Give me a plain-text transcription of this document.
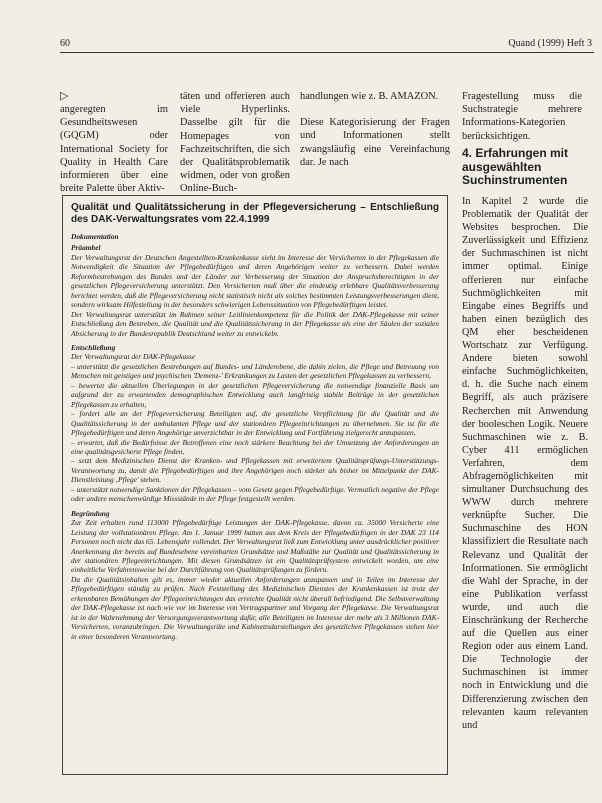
60	Quand (1999) Heft 3
▷

angeregten im Gesundheitswesen (GQGM) oder International Society for Quality in Health Care informieren über eine breite Palette über Aktiv-

täten und offerieren auch viele Hyperlinks. Dasselbe gilt für die Homepages von Fachzeitschriften, die sich der Qualitätsproblematik widmen, oder von großen Online-Buch-

handlungen wie z. B. AMAZON.

Diese Kategorisierung der Fragen und Informationen stellt zwangsläufig eine Vereinfachung dar. Je nach

Fragestellung muss die Suchstrategie mehrere Informations-Kategorien berücksichtigen.

4. Erfahrungen mit ausgewählten Suchinstrumenten

In Kapitel 2 wurde die Problematik der Qualität der Websites besprochen. Die Zuverlässigkeit und Effizienz der Suchmaschinen ist nicht immer optimal. Einige offerieren nur einfache Suchmöglichkeiten mit Eingabe eines Begriffs und haben einen bezüglich des QM eher bescheidenen Wortschatz zur Verfügung. Andere bieten sowohl einfache Suchmöglichkeiten, d. h. die Suche nach einem Begriff, als auch präzisere Recherchen mit Anwendung der booleschen Logik. Neuere Suchmaschinen wie z. B. Cyber 411 ermöglichen Verfahren, dem Abfragemöglichkeiten mit simultaner Durchsuchung des WWW durch mehrere verknüpfte Sucher. Die Suchmaschine des HON klassifiziert die Resultate nach Relevanz und Qualität der Informationen. Sie ermöglicht die Wahl der Sprache, in der eine Publikation verfasst wurde, und auch die Einschränkung der Recherche auf die Quellen aus einer Region oder aus einem Land. Die Technologie der Suchmaschinen ist immer noch in Entwicklung und die Differenzierung zwischen den relevanten kaum relevanten und

Qualität und Qualitätssicherung in der Pflegeversicherung – Entschließung des DAK-Verwaltungsrates vom 22.4.1999

Dokumentation

Präambel

Der Verwaltungsrat der Deutschen Angestellten-Krankenkasse sieht im Interesse der Versicherten in der Pflegekassen die Notwendigkeit die Situation der Pflegebedürftigen und deren Angehörigen weiter zu verbessern. Dabei werden Reformbestrebungen des Bundes und der Länder zur Verbesserung der Situation der Anspruchsberechtigten in der gesetzlichen Pflegeversicherung unterstützt. Den Versicherten muß über die eindeutig erlebbare Qualitätsverbesserung berichtet werden, daß die Pflegeversicherung nicht statistisch nicht als solches bestimmten Leistungsverbesserungen dient, sondern wirksam Hilfestellung in der besonders schwierigen Lebenssituation von Pflegebedürftigen leistet.

Der Verwaltungsrat unterstützt im Rahmen seiner Leitlinienkompetenz für die Politik der DAK-Pflegekasse mit seiner Entschließung den Bestreben, die Qualität und die Qualitätssicherung in der Pflegekasse als eine der Säulen der sozialen Absicherung in der Bundesrepublik Deutschland weiter zu entwickeln.

Entschließung

Der Verwaltungsrat der DAK-Pflegekasse

– unterstützt die gesetzlichen Bestrebungen auf Bundes- und Länderebene, die dahin zielen, die Pflege und Betreuung von Menschen mit geistigen und psychischen 'Demenz-' Erkrankungen zu Lasten der gesetzlichen Pflegekassen zu verbessern,

– bewertet die aktuellen Überlegungen in der gesetzlichen Pflegeversicherung die notwendige finanzielle Basis um aufgrund der zu erwartenden demographischen Entwicklung auch langfristig stabile Beiträge in der gesetzlichen Pflegekassen zu erhalten,

– fordert alle an der Pflegeversicherung Beteiligten auf, die gesetzliche Verpflichtung für die Qualität und die Qualitätssicherung in der ambulanten Pflege und der stationären Pflegeeinrichtungen zu übernehmen. Sie ist für die Pflegebedürftigen und deren Angehörige unverzichtbar in der Entwicklung und Fortführung zielgerecht anzupassen,

– erwartet, daß die Bedürfnisse der Betroffenen eine noch stärkere Beachtung bei der Umsetzung der Anforderungen an eine qualitätsgesicherte Pflege finden,

– setzt dem Medizinischen Dienst der Kranken- und Pflegekassen mit erweitertem Qualitätsprüfungs-Unterstützungs-Verantwortung zu, damit die Pflegebedürftigen und ihre Angehörigen noch stärker als bisher im Mittelpunkt der DAK-Dienstleistung ‚Pflege' stehen.

– unterstützt notwendige Sanktionen der Pflegekassen – vom Gesetz gegen Pflegebedürftige. Vermutlich negative der Pflege oder andere menschenwürdige Missstände in der Pflege festgestellt werden.

Begründung

Zur Zeit erhalten rund 113000 Pflegebedürftige Leistungen der DAK-Pflegekasse, davon ca. 35000 Versicherte eine Leistung der vollstationären Pflege. Am 1. Januar 1999 hatten aus dem Kreis der Pflegebedürftigen in der DAK 23 114 Personen noch nicht das 65. Lebensjahr vollendet. Der Verwaltungsrat ließ zum Entwicklung unter ausdrücklicher positiver Anerkennung der bereits auf Bundesebene vereinbarten Grundsätze und Maßstäbe zur Qualität und Qualitätssicherung in der stationären Pflegeeinrichtungen. Mit diesen Grundsätzen ist ein Qualitätsprüfsystem entwickelt worden, um eine einheitliche Verfahrensweise bei der Durchführung von Qualitätsprüfungen zu fördern.

Da die Qualitätsinhalten gilt es, immer wieder aktuellen Anforderungen anzupassen und in Teilen im Interesse der Pflegebedürftigen ständig zu prüfen. Nach Feststellung des Medizinischen Dienstes der Krankenkassen ist trotz der erkennbaren Bemühungen der Pflegeeinrichtungen das erreichte Qualität nicht überall befriedigend. Die Selbstverwaltung der DAK-Pflegekasse ist nach wie vor im Interesse von Vertragspartner und Vorgang der Pflegekasse. Die Verwaltungsrat ist in der Wahrnehmung der Versorgungsverantwortung dafür, alle Beteiligten im Interesse der mehr als 3 Millionen DAK-Versicherten, voranzubringen. Die Verwaltungsräte und Kabinettsdarstellungen des gesetzlichen Pflegekassen stehen hier in einer besonderen Verantwortung.
